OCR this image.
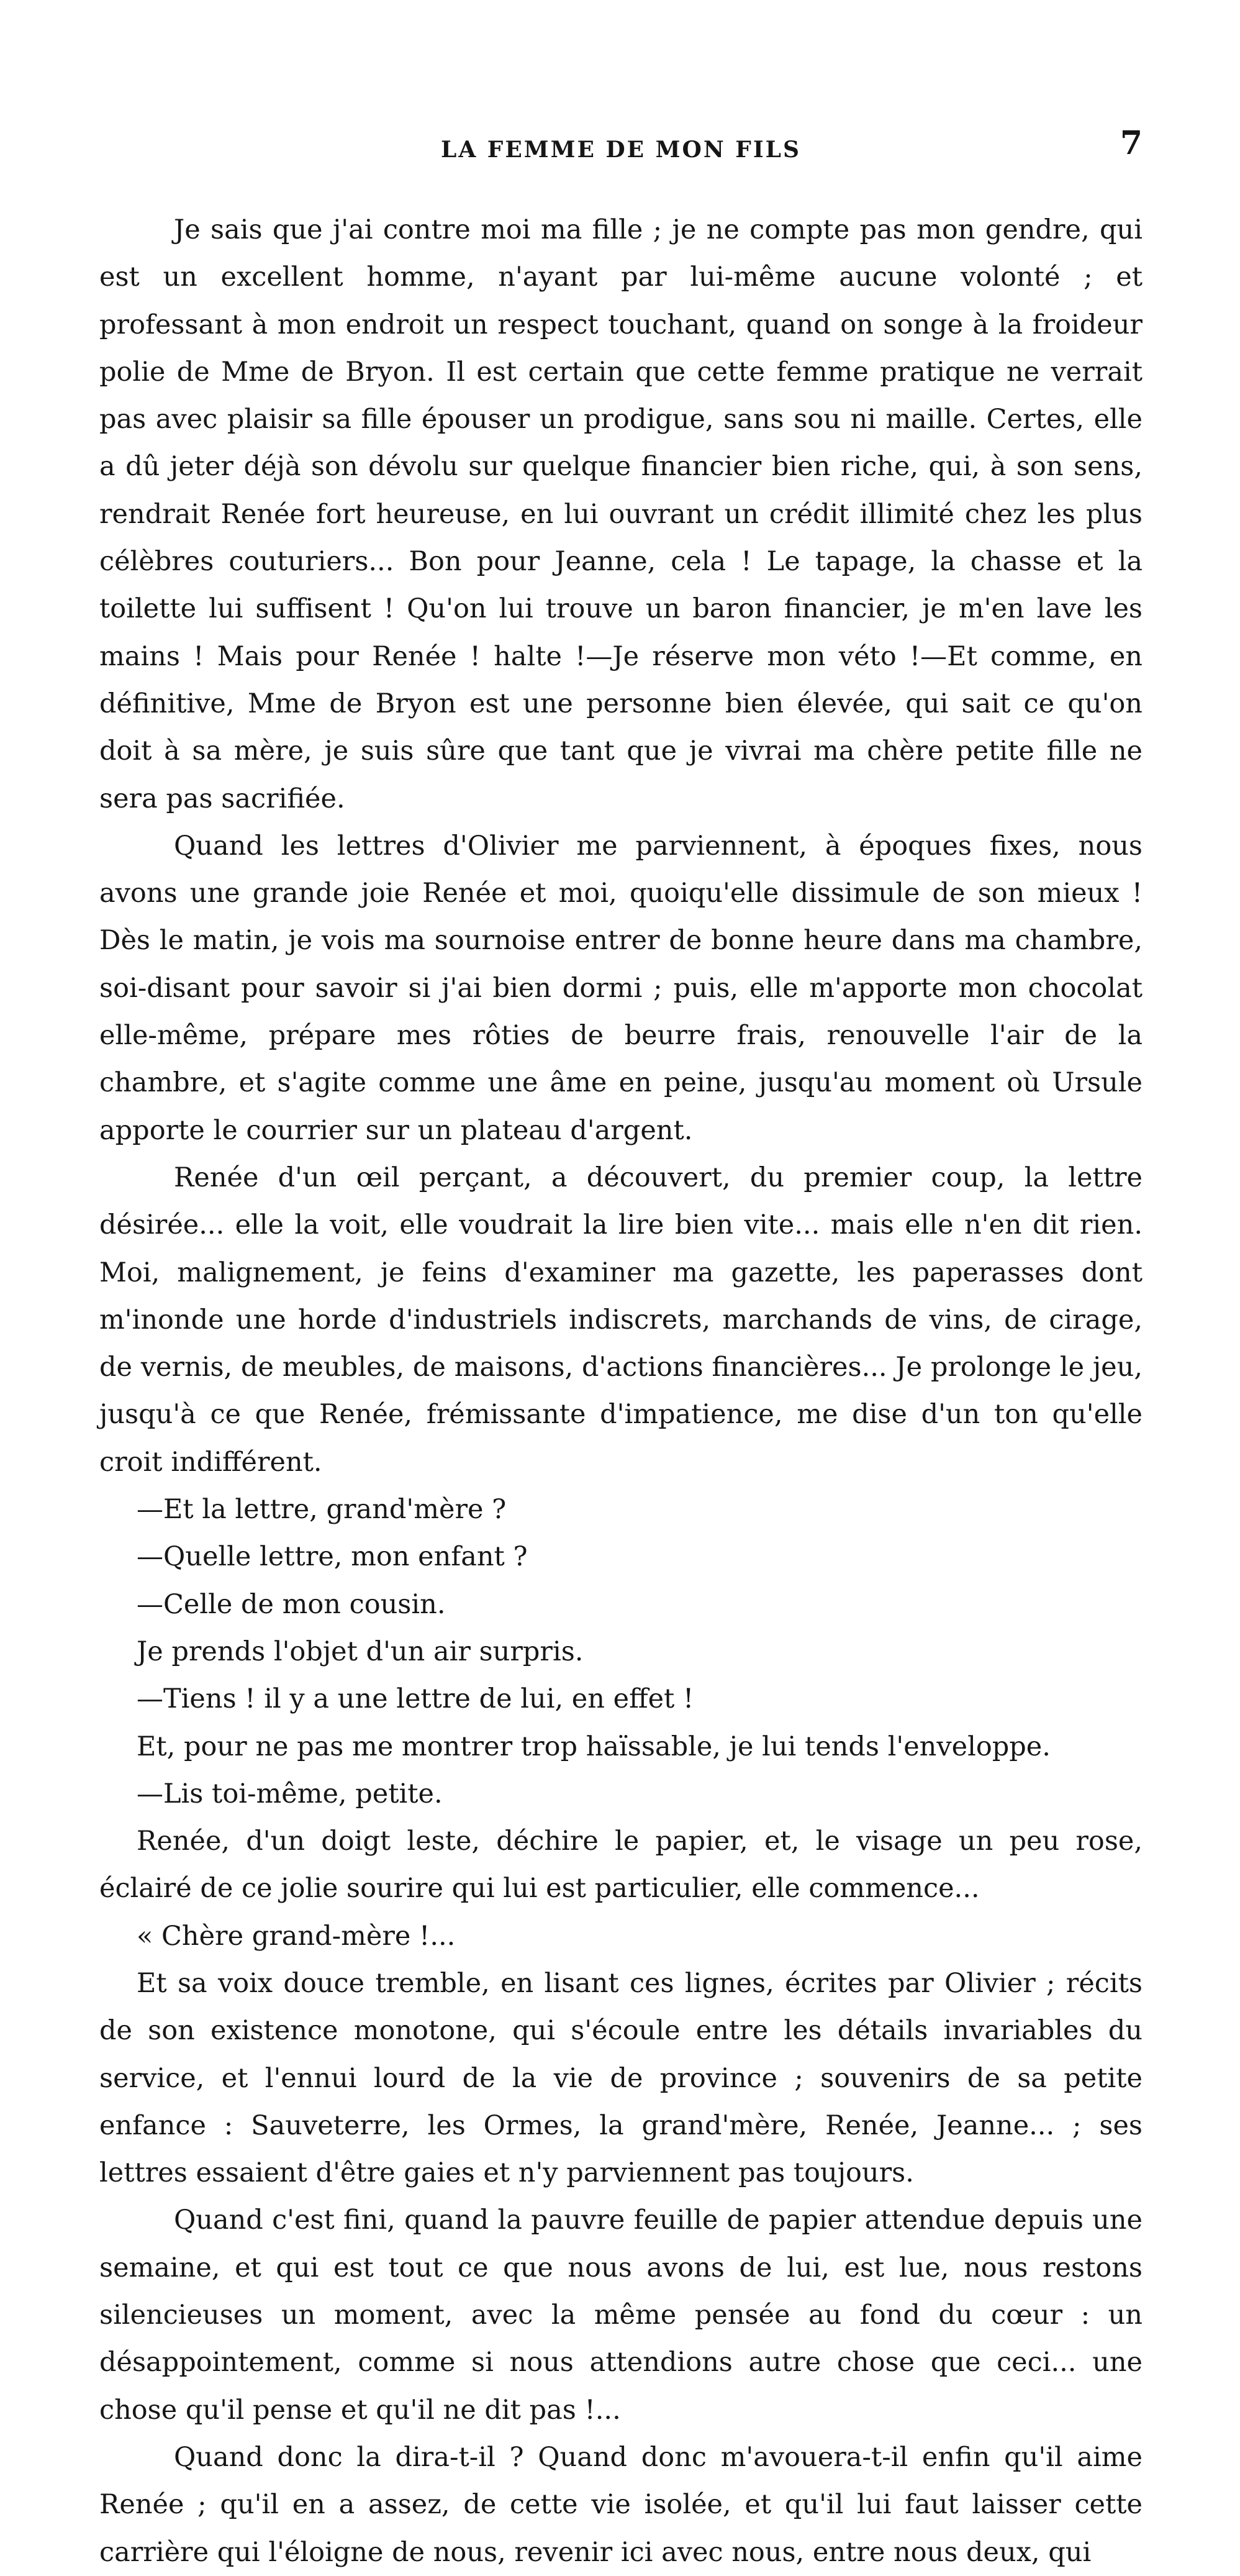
LA FEMME DE MON FILS	7

Je sais que j'ai contre moi ma fille ; je ne compte pas mon gendre, qui est un excellent homme, n'ayant par lui-même aucune volonté ; et professant à mon endroit un respect touchant, quand on songe à la froideur polie de Mme de Bryon. Il est certain que cette femme pratique ne verrait pas avec plaisir sa fille épouser un prodigue, sans sou ni maille. Certes, elle a dû jeter déjà son dévolu sur quelque financier bien riche, qui, à son sens, rendrait Renée fort heureuse, en lui ouvrant un crédit illimité chez les plus célèbres couturiers... Bon pour Jeanne, cela ! Le tapage, la chasse et la toilette lui suffisent ! Qu'on lui trouve un baron financier, je m'en lave les mains ! Mais pour Renée ! halte !—Je réserve mon véto !—Et comme, en définitive, Mme de Bryon est une personne bien élevée, qui sait ce qu'on doit à sa mère, je suis sûre que tant que je vivrai ma chère petite fille ne sera pas sacrifiée.

Quand les lettres d'Olivier me parviennent, à époques fixes, nous avons une grande joie Renée et moi, quoiqu'elle dissimule de son mieux ! Dès le matin, je vois ma sournoise entrer de bonne heure dans ma chambre, soi-disant pour savoir si j'ai bien dormi ; puis, elle m'apporte mon chocolat elle-même, prépare mes rôties de beurre frais, renouvelle l'air de la chambre, et s'agite comme une âme en peine, jusqu'au moment où Ursule apporte le courrier sur un plateau d'argent.

Renée d'un œil perçant, a découvert, du premier coup, la lettre désirée... elle la voit, elle voudrait la lire bien vite... mais elle n'en dit rien. Moi, malignement, je feins d'examiner ma gazette, les paperasses dont m'inonde une horde d'industriels indiscrets, marchands de vins, de cirage, de vernis, de meubles, de maisons, d'actions financières... Je prolonge le jeu, jusqu'à ce que Renée, frémissante d'impatience, me dise d'un ton qu'elle croit indifférent.

—Et la lettre, grand'mère ?

—Quelle lettre, mon enfant ?

—Celle de mon cousin.

Je prends l'objet d'un air surpris.

—Tiens ! il y a une lettre de lui, en effet !

Et, pour ne pas me montrer trop haïssable, je lui tends l'enveloppe.

—Lis toi-même, petite.

Renée, d'un doigt leste, déchire le papier, et, le visage un peu rose, éclairé de ce jolie sourire qui lui est particulier, elle commence...

« Chère grand-mère !...

Et sa voix douce tremble, en lisant ces lignes, écrites par Olivier ; récits de son existence monotone, qui s'écoule entre les détails invariables du service, et l'ennui lourd de la vie de province ; souvenirs de sa petite enfance : Sauveterre, les Ormes, la grand'mère, Renée, Jeanne... ; ses lettres essaient d'être gaies et n'y parviennent pas toujours.

Quand c'est fini, quand la pauvre feuille de papier attendue depuis une semaine, et qui est tout ce que nous avons de lui, est lue, nous restons silencieuses un moment, avec la même pensée au fond du cœur : un désappointement, comme si nous attendions autre chose que ceci... une chose qu'il pense et qu'il ne dit pas !...

Quand donc la dira-t-il ? Quand donc m'avouera-t-il enfin qu'il aime Renée ; qu'il en a assez, de cette vie isolée, et qu'il lui faut laisser cette carrière qui l'éloigne de nous, revenir ici avec nous, entre nous deux, qui
